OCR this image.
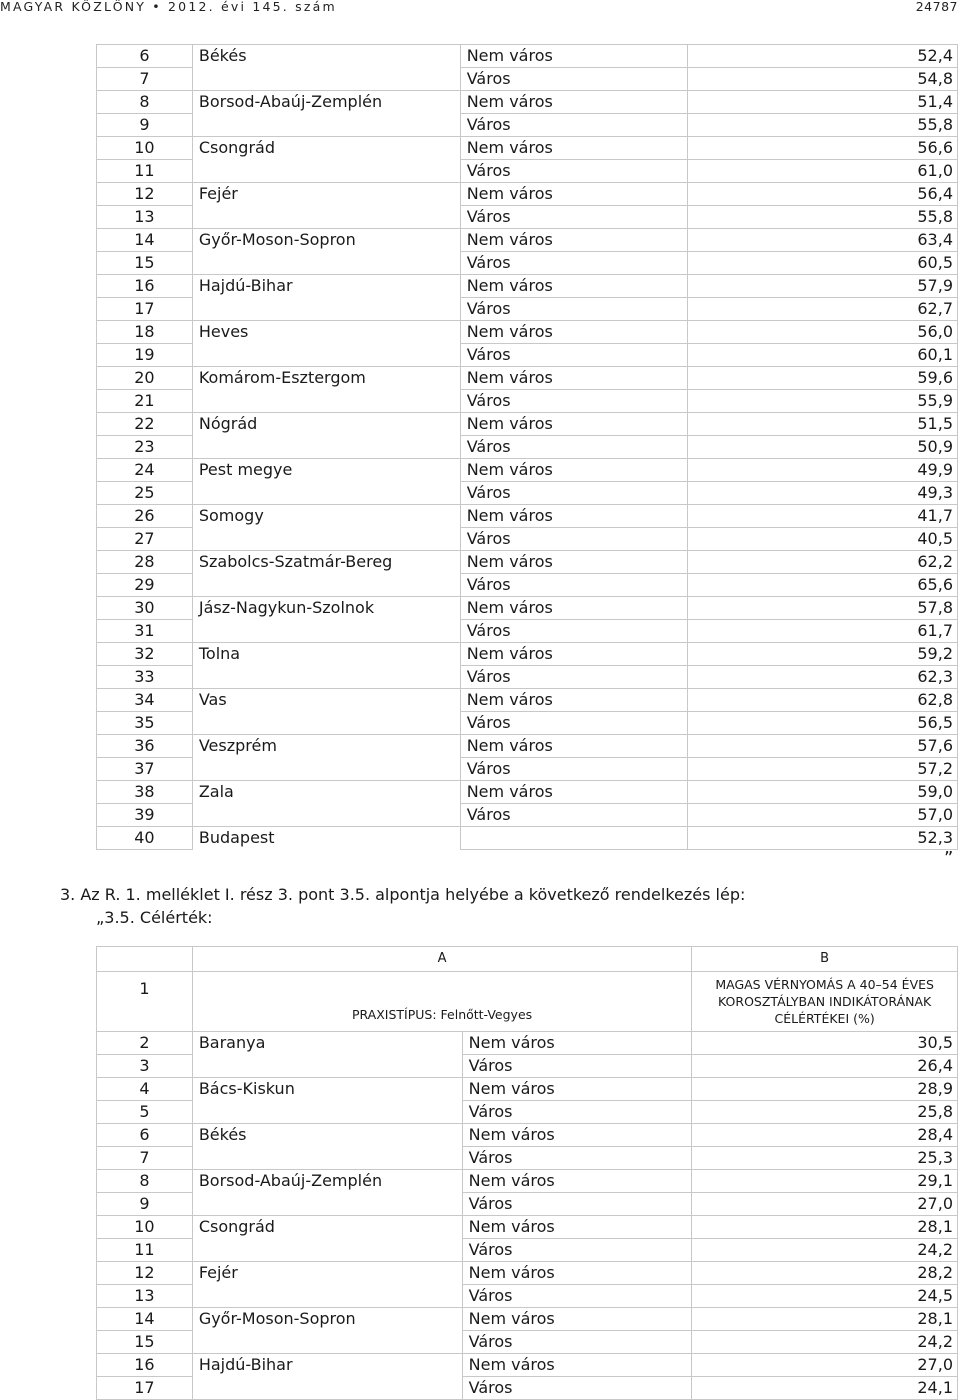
MAGYAR KÖZLÖNY • 2012. évi 145. szám	24787
6	Békés	Nem város	52,4
7		Város	54,8
8	Borsod-Abaúj-Zemplén	Nem város	51,4
9		Város	55,8
10	Csongrád	Nem város	56,6
11		Város	61,0
12	Fejér	Nem város	56,4
13		Város	55,8
14	Győr-Moson-Sopron	Nem város	63,4
15		Város	60,5
16	Hajdú-Bihar	Nem város	57,9
17		Város	62,7
18	Heves	Nem város	56,0
19		Város	60,1
20	Komárom-Esztergom	Nem város	59,6
21		Város	55,9
22	Nógrád	Nem város	51,5
23		Város	50,9
24	Pest megye	Nem város	49,9
25		Város	49,3
26	Somogy	Nem város	41,7
27		Város	40,5
28	Szabolcs-Szatmár-Bereg	Nem város	62,2
29		Város	65,6
30	Jász-Nagykun-Szolnok	Nem város	57,8
31		Város	61,7
32	Tolna	Nem város	59,2
33		Város	62,3
34	Vas	Nem város	62,8
35		Város	56,5
36	Veszprém	Nem város	57,6
37		Város	57,2
38	Zala	Nem város	59,0
39		Város	57,0
40	Budapest		52,3
”
3. Az R. 1. melléklet I. rész 3. pont 3.5. alpontja helyébe a következő rendelkezés lép:
„3.5. Célérték:
	A		B
1	PRAXISTÍPUS: Felnőtt-Vegyes		MAGAS VÉRNYOMÁS A 40–54 ÉVES KOROSZTÁLYBAN INDIKÁTORÁNAK CÉLÉRTÉKEI (%)
2	Baranya	Nem város	30,5
3		Város	26,4
4	Bács-Kiskun	Nem város	28,9
5		Város	25,8
6	Békés	Nem város	28,4
7		Város	25,3
8	Borsod-Abaúj-Zemplén	Nem város	29,1
9		Város	27,0
10	Csongrád	Nem város	28,1
11		Város	24,2
12	Fejér	Nem város	28,2
13		Város	24,5
14	Győr-Moson-Sopron	Nem város	28,1
15		Város	24,2
16	Hajdú-Bihar	Nem város	27,0
17		Város	24,1
